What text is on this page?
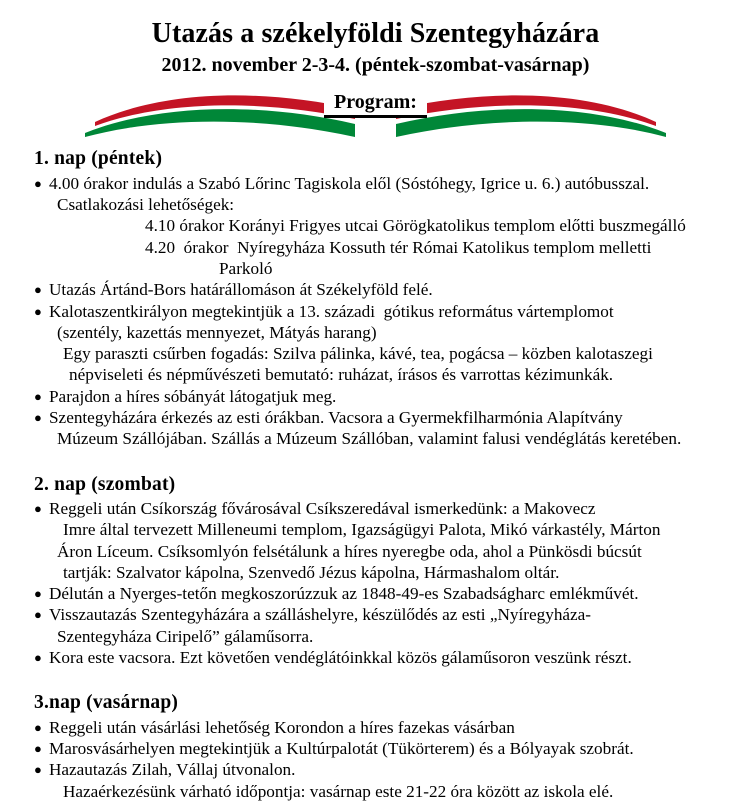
Utazás a székelyföldi Szentegyházára
2012. november 2-3-4. (péntek-szombat-vasárnap)
Program:
1. nap (péntek)
● 4.00 órakor indulás a Szabó Lőrinc Tagiskola elől (Sóstóhegy, Igrice u. 6.) autóbusszal.
Csatlakozási lehetőségek:
4.10 órakor Korányi Frigyes utcai Görögkatolikus templom előtti buszmegálló
4.20  órakor  Nyíregyháza Kossuth tér Római Katolikus templom melletti
Parkoló
● Utazás Ártánd-Bors határállomáson át Székelyföld felé.
● Kalotaszentkirályon megtekintjük a 13. századi  gótikus református vártemplomot
(szentély, kazettás mennyezet, Mátyás harang)
Egy paraszti csűrben fogadás: Szilva pálinka, kávé, tea, pogácsa – közben kalotaszegi
népviseleti és népművészeti bemutató: ruházat, írásos és varrottas kézimunkák.
● Parajdon a híres sóbányát látogatjuk meg.
● Szentegyházára érkezés az esti órákban. Vacsora a Gyermekfilharmónia Alapítvány
Múzeum Szállójában. Szállás a Múzeum Szállóban, valamint falusi vendéglátás keretében.
2. nap (szombat)
● Reggeli után Csíkország fővárosával Csíkszeredával ismerkedünk: a Makovecz
Imre által tervezett Milleneumi templom, Igazságügyi Palota, Mikó várkastély, Márton
Áron Líceum. Csíksomlyón felsétálunk a híres nyeregbe oda, ahol a Pünkösdi búcsút
tartják: Szalvator kápolna, Szenvedő Jézus kápolna, Hármashalom oltár.
● Délután a Nyerges-tetőn megkoszorúzzuk az 1848-49-es Szabadságharc emlékművét.
● Visszautazás Szentegyházára a szálláshelyre, készülődés az esti „Nyíregyháza-
Szentegyháza Ciripelő” gálaműsorra.
● Kora este vacsora. Ezt követően vendéglátóinkkal közös gálaműsoron veszünk részt.
3.nap (vasárnap)
● Reggeli után vásárlási lehetőség Korondon a híres fazekas vásárban
● Marosvásárhelyen megtekintjük a Kultúrpalotát (Tükörterem) és a Bólyayak szobrát.
● Hazautazás Zilah, Vállaj útvonalon.
Hazaérkezésünk várható időpontja: vasárnap este 21-22 óra között az iskola elé.
